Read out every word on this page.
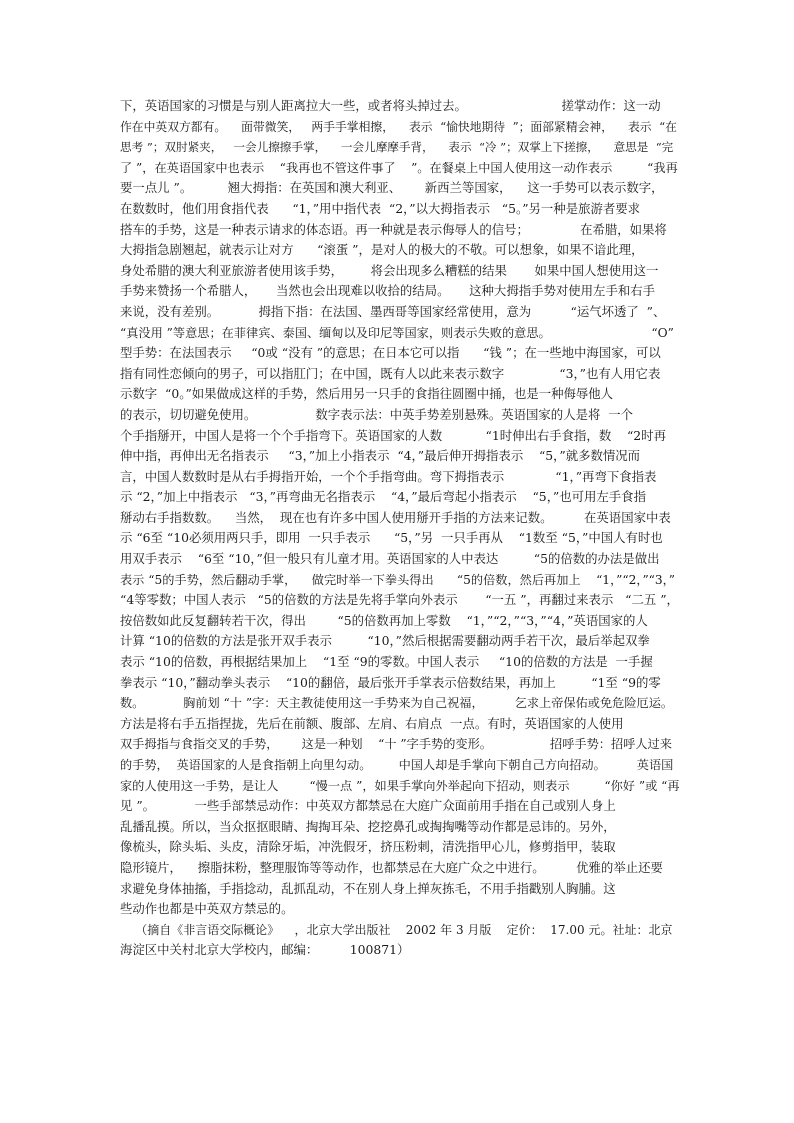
下，英语国家的习惯是与别人距离拉大一些，或者将头掉过去。                        搓掌动作：这一动
作在中英双方都有。    面带微笑，   两手手掌相擦，    表示  “愉快地期待  ”；面部紧精会神，    表示  “在
思考 ”；双肘紧夹，   一会儿擦擦手掌，    一会儿摩摩手背，    表示  “冷 ”；双掌上下搓擦，    意思是  “完
了 ”，在英语国家中也表示    “我再也不管这件事了    ”。在餐桌上中国人使用这一动作表示         “我再
要一点儿 ”。         翘大拇指：在英国和澳大利亚、      新西兰等国家，    这一手势可以表示数字，
在数数时，他们用食指代表      “1，”用中指代表  “2，”以大拇指表示   “5。”另一种是旅游者要求
搭车的手势，这是一种表示请求的体态语。再一种就是表示侮辱人的信号；             在希腊，如果将
大拇指急剧翘起，就表示让对方      “滚蛋 ”，是对人的极大的不敬。可以想象，如果不谙此理，
身处希腊的澳大利亚旅游者使用该手势，       将会出现多么糟糕的结果       如果中国人想使用这一
手势来赞扬一个希腊人，     当然也会出现难以收拾的结局。     这种大拇指手势对使用左手和右手
来说，没有差别。          拇指下指：在法国、墨西哥等国家经常使用，意为          “运气坏透了  ”、
“真没用 ”等意思；在菲律宾、泰国、缅甸以及印尼等国家，则表示失败的意思。                          “O”
型手势：在法国表示     “0或 “没有 ”的意思；在日本它可以指      “钱 ”；在一些地中海国家，可以
指有同性恋倾向的男子，可以指肛门；在中国，既有人以此来表示数字              “3，”也有人用它表
示数字  “0。”如果做成这样的手势，然后用另一只手的食指往圆圈中捅，也是一种侮辱他人
的表示，切切避免使用。               数字表示法：中英手势差别悬殊。英语国家的人是将  一个
个手指掰开，中国人是将一个个手指弯下。英语国家的人数           “1时伸出右手食指，数    “2时再
伸中指，再伸出无名指表示     “3，”加上小指表示  “4，”最后伸开拇指表示    “5，”就多数情况而
言，中国人数数时是从右手拇指开始，一个个手指弯曲。弯下拇指表示             “1，”再弯下食指表
示 “2，”加上中指表示   “3，”再弯曲无名指表示    “4，”最后弯起小指表示    “5，”也可用左手食指
掰动右手指数数。    当然，  现在也有许多中国人使用掰开手指的方法来记数。        在英语国家中表
示 “6至 “10必须用两只手，即用  一只手表示      “5，”另  一只手再从    “1数至 “5，”中国人有时也
用双手表示    “6至 “10，”但一般只有儿童才用。英语国家的人中表达         “5的倍数的办法是做出
表示 “5的手势，然后翻动手掌，    做完时举一下拳头得出      “5的倍数，然后再加上    “1，”“2，”“3，”
“4等零数；中国人表示   “5的倍数的方法是先将手掌向外表示       “一五 ”，再翻过来表示   “二五 ”，
按倍数如此反复翻转若干次，得出        “5的倍数再加上零数    “1，”“2，”“3，”“4，”英语国家的人
计算 “10的倍数的方法是张开双手表示         “10，”然后根据需要翻动两手若干次，最后举起双拳
表示 “10的倍数，再根据结果加上    “1至 “9的零数。中国人表示     “10的倍数的方法是  一手握
拳表示 “10，”翻动拳头表示    “10的翻倍，最后张开手掌表示倍数结果，再加上         “1至 “9的零
数。          胸前划 “十 ”字：天主教徒使用这一手势来为自己祝福，        乞求上帝保佑或免危险厄运。
方法是将右手五指捏拢，先后在前额、腹部、左肩、右肩点  一点。有时，英语国家的人使用
双手拇指与食指交叉的手势，      这是一种划    “十 ”字手势的变形。               招呼手势：招呼人过来
的手势，  英语国家的人是食指朝上向里勾动。       中国人却是手掌向下朝自己方向招动。        英语国
家的人使用这一手势，是让人        “慢一点 ”，如果手掌向外举起向下招动，则表示         “你好 ”或 “再
见 ”。          一些手部禁忌动作：中英双方都禁忌在大庭广众面前用手指在自己或别人身上
乱播乱摸。所以，当众抠抠眼睛、掏掏耳朵、挖挖鼻孔或掏掏嘴等动作都是忌讳的。另外，
像梳头，除头垢、头皮，清除牙垢，冲洗假牙，挤压粉刺，清洗指甲心儿，修剪指甲，装取
隐形镜片，    擦脂抹粉，整理服饰等等动作，也都禁忌在大庭广众之中进行。        优雅的举止还要
求避免身体抽搐，手指捻动，乱抓乱动，不在别人身上掸灰拣毛，不用手指戳别人胸脯。这
些动作也都是中英双方禁忌的。
（摘自《非言语交际概论》    ，北京大学出版社    2002 年 3 月版    定价：  17.00 元。社址：北京
海淀区中关村北京大学校内，邮编：        100871）
